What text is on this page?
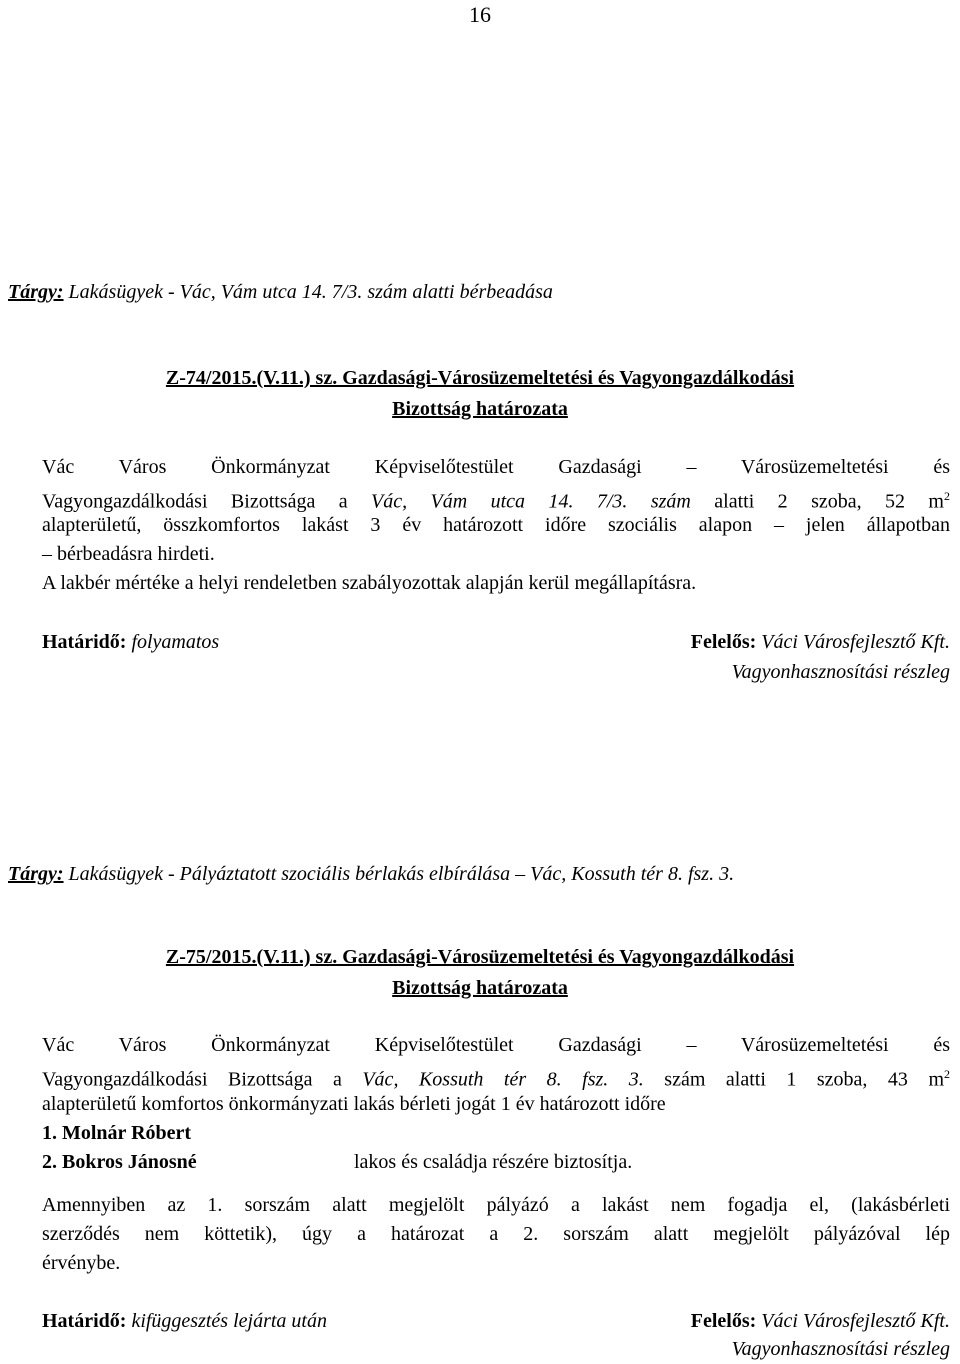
16
Tárgy: Lakásügyek - Vác, Vám utca 14. 7/3. szám alatti bérbeadása
Z-74/2015.(V.11.) sz. Gazdasági-Városüzemeltetési és Vagyongazdálkodási
Bizottság határozata
Vác Város Önkormányzat Képviselőtestület Gazdasági – Városüzemeltetési és
Vagyongazdálkodási Bizottsága a Vác, Vám utca 14. 7/3. szám alatti 2 szoba, 52 $m^2$
alapterületű, összkomfortos lakást 3 év határozott időre szociális alapon – jelen állapotban
– bérbeadásra hirdeti.
A lakbér mértéke a helyi rendeletben szabályozottak alapján kerül megállapításra.
Határidő: folyamatos	Felelős: Váci Városfejlesztő Kft.
Vagyonhasznosítási részleg
Tárgy: Lakásügyek - Pályáztatott szociális bérlakás elbírálása – Vác, Kossuth tér 8. fsz. 3.
Z-75/2015.(V.11.) sz. Gazdasági-Városüzemeltetési és Vagyongazdálkodási
Bizottság határozata
Vác Város Önkormányzat Képviselőtestület Gazdasági – Városüzemeltetési és
Vagyongazdálkodási Bizottsága a Vác, Kossuth tér 8. fsz. 3. szám alatti 1 szoba, 43 $m^2$
alapterületű komfortos önkormányzati lakás bérleti jogát 1 év határozott időre
1. Molnár Róbert
2. Bokros Jánosné	lakos és családja részére biztosítja.
Amennyiben az 1. sorszám alatt megjelölt pályázó a lakást nem fogadja el, (lakásbérleti
szerződés nem köttetik), úgy a határozat a 2. sorszám alatt megjelölt pályázóval lép
érvénybe.
Határidő: kifüggesztés lejárta után	Felelős: Váci Városfejlesztő Kft.
Vagyonhasznosítási részleg
